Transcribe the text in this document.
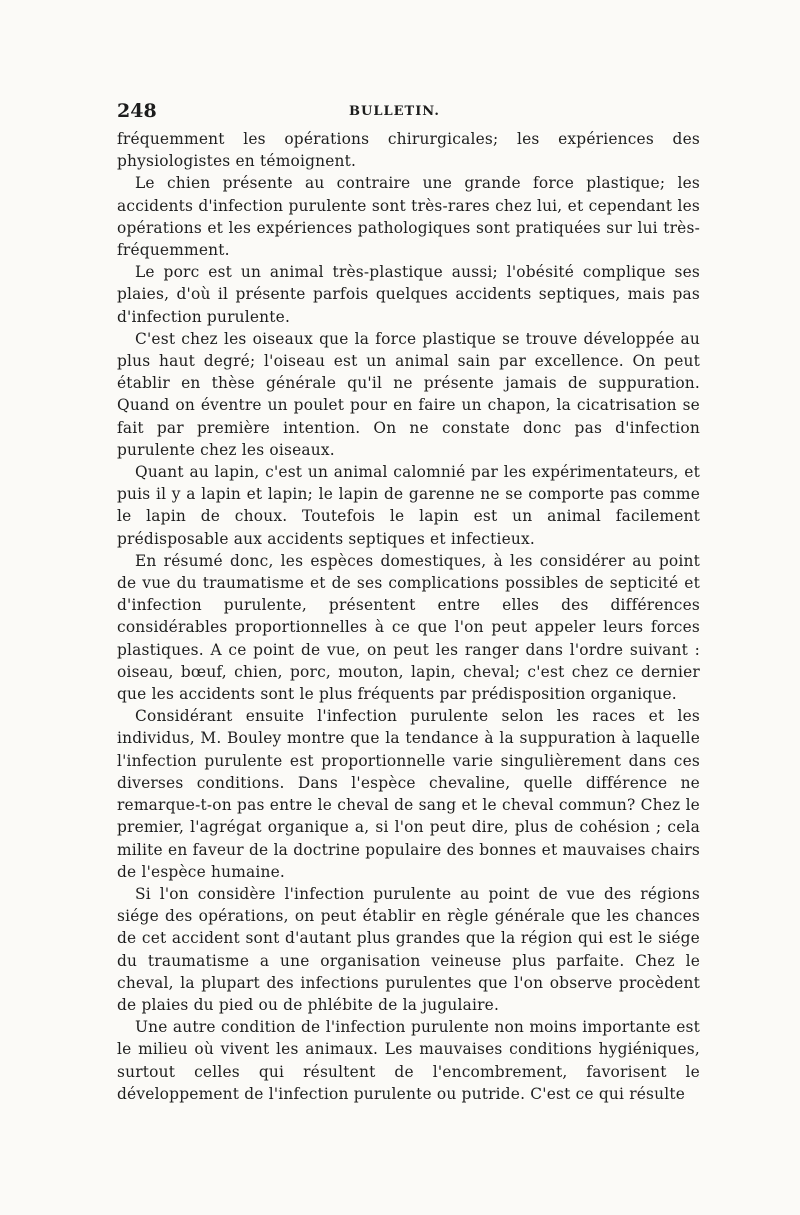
248	BULLETIN.

fréquemment les opérations chirurgicales; les expériences des physiologistes en témoignent.

Le chien présente au contraire une grande force plastique; les accidents d'infection purulente sont très-rares chez lui, et cependant les opérations et les expériences pathologiques sont pratiquées sur lui très-fréquemment.

Le porc est un animal très-plastique aussi; l'obésité complique ses plaies, d'où il présente parfois quelques accidents septiques, mais pas d'infection purulente.

C'est chez les oiseaux que la force plastique se trouve développée au plus haut degré; l'oiseau est un animal sain par excellence. On peut établir en thèse générale qu'il ne présente jamais de suppuration. Quand on éventre un poulet pour en faire un chapon, la cicatrisation se fait par première intention. On ne constate donc pas d'infection purulente chez les oiseaux.

Quant au lapin, c'est un animal calomnié par les expérimentateurs, et puis il y a lapin et lapin; le lapin de garenne ne se comporte pas comme le lapin de choux. Toutefois le lapin est un animal facilement prédisposable aux accidents septiques et infectieux.

En résumé donc, les espèces domestiques, à les considérer au point de vue du traumatisme et de ses complications possibles de septicité et d'infection purulente, présentent entre elles des différences considérables proportionnelles à ce que l'on peut appeler leurs forces plastiques. A ce point de vue, on peut les ranger dans l'ordre suivant : oiseau, bœuf, chien, porc, mouton, lapin, cheval; c'est chez ce dernier que les accidents sont le plus fréquents par prédisposition organique.

Considérant ensuite l'infection purulente selon les races et les individus, M. Bouley montre que la tendance à la suppuration à laquelle l'infection purulente est proportionnelle varie singulièrement dans ces diverses conditions. Dans l'espèce chevaline, quelle différence ne remarque-t-on pas entre le cheval de sang et le cheval commun? Chez le premier, l'agrégat organique a, si l'on peut dire, plus de cohésion ; cela milite en faveur de la doctrine populaire des bonnes et mauvaises chairs de l'espèce humaine.

Si l'on considère l'infection purulente au point de vue des régions siége des opérations, on peut établir en règle générale que les chances de cet accident sont d'autant plus grandes que la région qui est le siége du traumatisme a une organisation veineuse plus parfaite. Chez le cheval, la plupart des infections purulentes que l'on observe procèdent de plaies du pied ou de phlébite de la jugulaire.

Une autre condition de l'infection purulente non moins importante est le milieu où vivent les animaux. Les mauvaises conditions hygiéniques, surtout celles qui résultent de l'encombrement, favorisent le développement de l'infection purulente ou putride. C'est ce qui résulte
